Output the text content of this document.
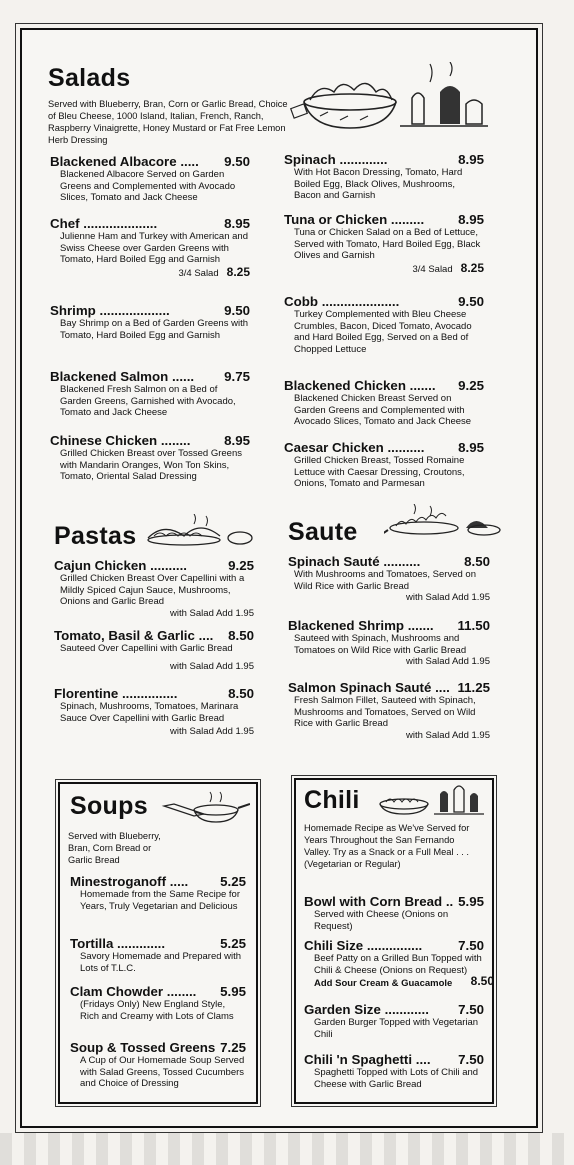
Salads
Served with Blueberry, Bran, Corn or Garlic Bread, Choice of Bleu Cheese, 1000 Island, Italian, French, Ranch, Raspberry Vinaigrette, Honey Mustard or Fat Free Lemon Herb Dressing
Blackened Albacore ..... 9.50
Blackened Albacore Served on Garden Greens and Complemented with Avocado Slices, Tomato and Jack Cheese
Chef ....................	8.95
Julienne Ham and Turkey with American and Swiss Cheese over Garden Greens with Tomato, Hard Boiled Egg and Garnish
3/4 Salad 8.25
Shrimp ...................	9.50
Bay Shrimp on a Bed of Garden Greens with Tomato, Hard Boiled Egg and Garnish
Blackened Salmon ...... 9.75
Blackened Fresh Salmon on a Bed of Garden Greens, Garnished with Avocado, Tomato and Jack Cheese
Chinese Chicken ........	8.95
Grilled Chicken Breast over Tossed Greens with Mandarin Oranges, Won Ton Skins, Tomato, Oriental Salad Dressing
Spinach .............	8.95
With Hot Bacon Dressing, Tomato, Hard Boiled Egg, Black Olives, Mushrooms, Bacon and Garnish
Tuna or Chicken .........	8.95
Tuna or Chicken Salad on a Bed of Lettuce, Served with Tomato, Hard Boiled Egg, Black Olives and Garnish
3/4 Salad 8.25
Cobb .....................	9.50
Turkey Complemented with Bleu Cheese Crumbles, Bacon, Diced Tomato, Avocado and Hard Boiled Egg, Served on a Bed of Chopped Lettuce
Blackened Chicken ....... 9.25
Blackened Chicken Breast Served on Garden Greens and Complemented with Avocado Slices, Tomato and Jack Cheese
Caesar Chicken ..........	8.95
Grilled Chicken Breast, Tossed Romaine Lettuce with Caesar Dressing, Croutons, Onions, Tomato and Parmesan
Pastas
Cajun Chicken ..........	9.25
Grilled Chicken Breast Over Capellini with a Mildly Spiced Cajun Sauce, Mushrooms, Onions and Garlic Bread
with Salad Add 1.95
Tomato, Basil & Garlic .... 8.50
Sauteed Over Capellini with Garlic Bread
with Salad Add 1.95
Florentine ...............	8.50
Spinach, Mushrooms, Tomatoes, Marinara Sauce Over Capellini with Garlic Bread
with Salad Add 1.95
Saute
Spinach Sauté ..........	8.50
With Mushrooms and Tomatoes, Served on Wild Rice with Garlic Bread
with Salad Add 1.95
Blackened Shrimp ....... 11.50
Sauteed with Spinach, Mushrooms and Tomatoes on Wild Rice with Garlic Bread
with Salad Add 1.95
Salmon Spinach Sauté .... 11.25
Fresh Salmon Fillet, Sauteed with Spinach, Mushrooms and Tomatoes, Served on Wild Rice with Garlic Bread
with Salad Add 1.95
Soups
Served with Blueberry, Bran, Corn Bread or Garlic Bread
Minestroganoff ..... 5.25
Homemade from the Same Recipe for Years, Truly Vegetarian and Delicious
Tortilla .............	5.25
Savory Homemade and Prepared with Lots of T.L.C.
Clam Chowder ........ 5.95
(Fridays Only) New England Style, Rich and Creamy with Lots of Clams
Soup & Tossed Greens 7.25
A Cup of Our Homemade Soup Served with Salad Greens, Tossed Cucumbers and Choice of Dressing
Chili
Homemade Recipe as We've Served for Years Throughout the San Fernando Valley. Try as a Snack or a Full Meal . . . (Vegetarian or Regular)
Bowl with Corn Bread .. 5.95
Served with Cheese (Onions on Request)
Chili Size ...............	7.50
Beef Patty on a Grilled Bun Topped with Chili & Cheese (Onions on Request)
Add Sour Cream & Guacamole 8.50
Garden Size ............ 7.50
Garden Burger Topped with Vegetarian Chili
Chili 'n Spaghetti .... 7.50
Spaghetti Topped with Lots of Chili and Cheese with Garlic Bread
